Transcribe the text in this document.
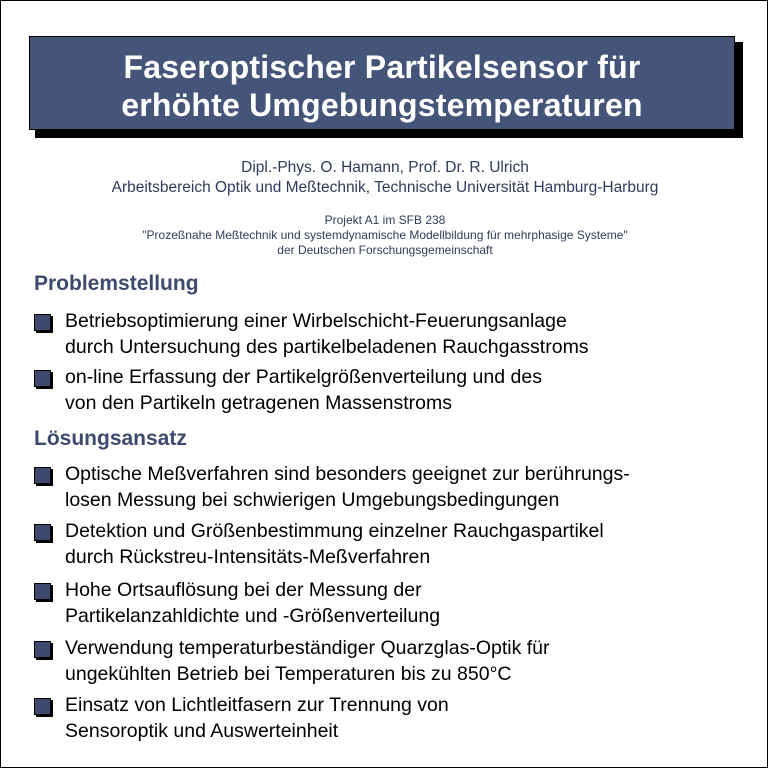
Faseroptischer Partikelsensor für
erhöhte Umgebungstemperaturen
Dipl.-Phys. O. Hamann, Prof. Dr. R. Ulrich
Arbeitsbereich Optik und Meßtechnik, Technische Universität Hamburg-Harburg
Projekt A1 im SFB 238
"Prozeßnahe Meßtechnik und systemdynamische Modellbildung für mehrphasige Systeme"
der Deutschen Forschungsgemeinschaft
Problemstellung
Betriebsoptimierung einer Wirbelschicht-Feuerungsanlage
durch Untersuchung des partikelbeladenen Rauchgasstroms
on-line Erfassung der Partikelgrößenverteilung und des
von den Partikeln getragenen Massenstroms
Lösungsansatz
Optische Meßverfahren sind besonders geeignet zur berührungs-
losen Messung bei schwierigen Umgebungsbedingungen
Detektion und Größenbestimmung einzelner Rauchgaspartikel
durch Rückstreu-Intensitäts-Meßverfahren
Hohe Ortsauflösung bei der Messung der
Partikelanzahldichte und -Größenverteilung
Verwendung temperaturbeständiger Quarzglas-Optik für
ungekühlten Betrieb bei Temperaturen bis zu 850°C
Einsatz von Lichtleitfasern zur Trennung von
Sensoroptik und Auswerteinheit
